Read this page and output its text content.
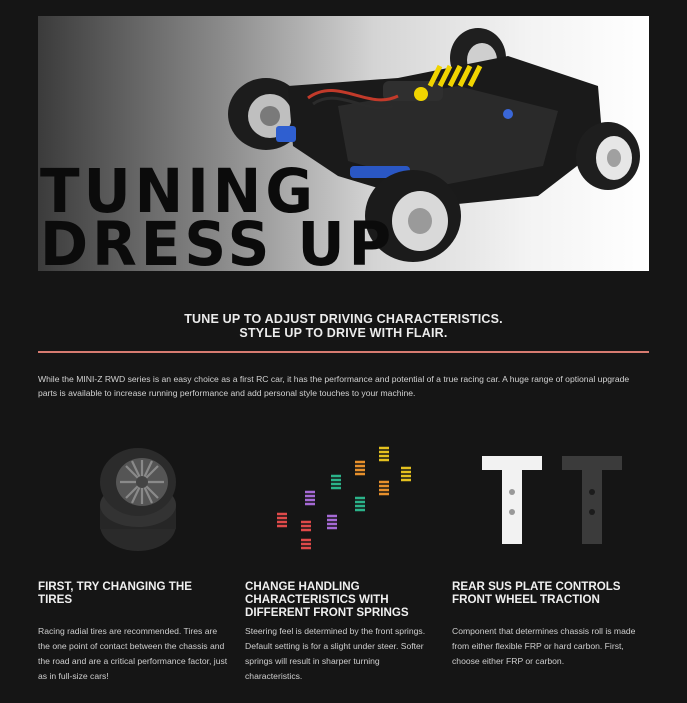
TUNING
DRESS UP
TUNE UP TO ADJUST DRIVING CHARACTERISTICS.
STYLE UP TO DRIVE WITH FLAIR.
While the MINI-Z RWD series is an easy choice as a first RC car, it has the performance and potential of a true racing car. A huge range of optional upgrade parts is available to increase running performance and add personal style touches to your machine.
FIRST, TRY CHANGING THE TIRES
Racing radial tires are recommended. Tires are the one point of contact between the chassis and the road and are a critical performance factor, just as in full-size cars!
CHANGE HANDLING CHARACTERISTICS WITH DIFFERENT FRONT SPRINGS
Steering feel is determined by the front springs. Default setting is for a slight under steer. Softer springs will result in sharper turning characteristics.
REAR SUS PLATE CONTROLS FRONT WHEEL TRACTION
Component that determines chassis roll is made from either flexible FRP or hard carbon. First, choose either FRP or carbon.
